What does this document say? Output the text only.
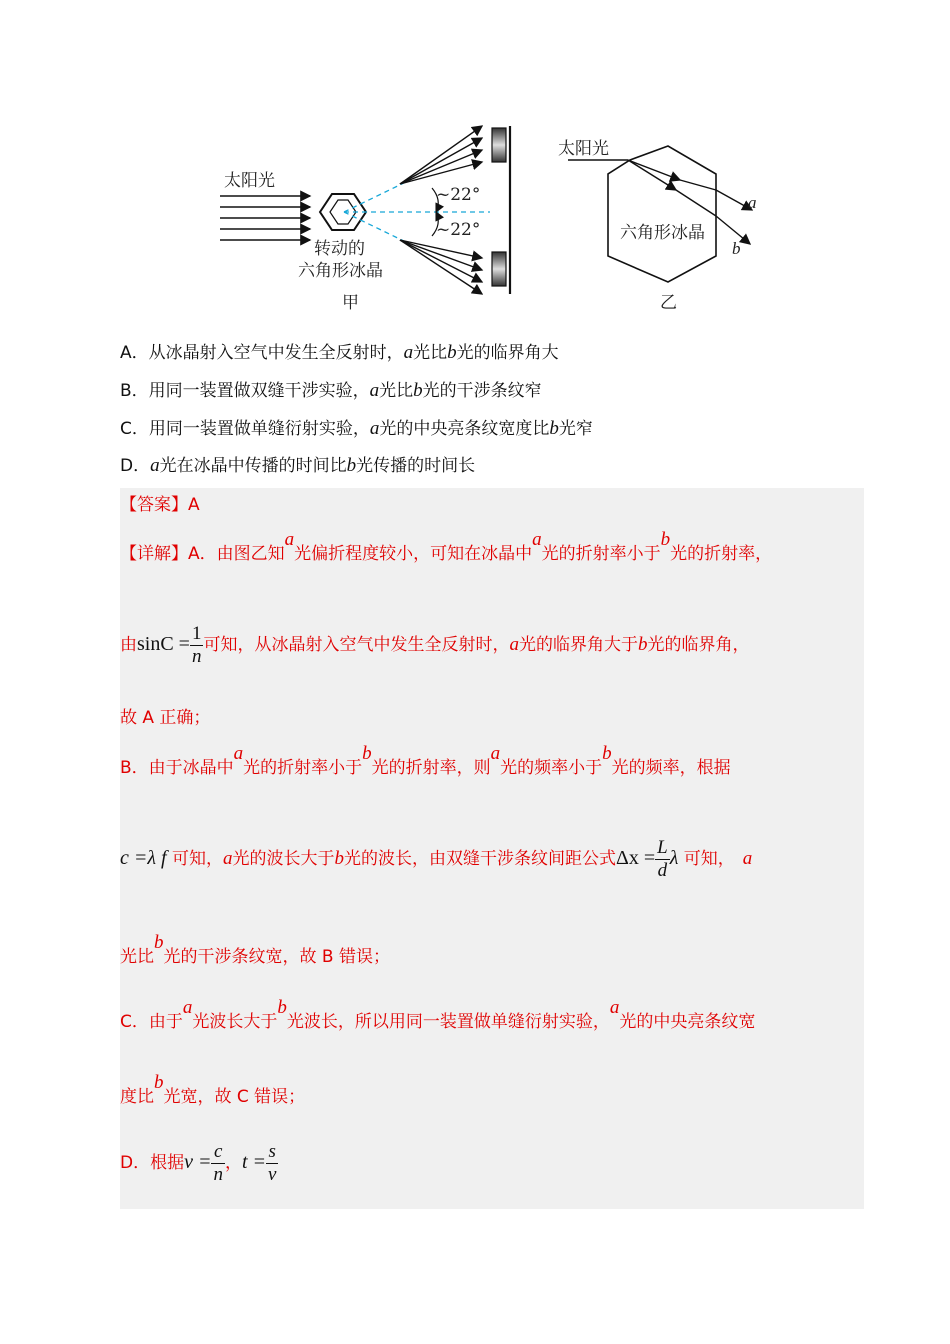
太阳光
~22°
~22°
转动的
六角形冰晶
甲
太阳光
a
b
六角形冰晶
乙
A．从冰晶射入空气中发生全反射时，a光比b光的临界角大
B．用同一装置做双缝干涉实验，a光比b光的干涉条纹窄
C．用同一装置做单缝衍射实验，a光的中央亮条纹宽度比b光窄
D．a光在冰晶中传播的时间比b光传播的时间长
【答案】A
【详解】A．由图乙知a光偏折程度较小，可知在冰晶中a光的折射率小于b光的折射率，
由$\sin C = \frac{1}{n}$ 可知，从冰晶射入空气中发生全反射时，a光的临界角大于b光的临界角，
故 A 正确；
B．由于冰晶中a光的折射率小于b光的折射率，则a光的频率小于b光的频率，根据
c =λ f 可知，a光的波长大于b光的波长，由双缝干涉条纹间距公式$\Delta x = \frac{L}{d}$ λ 可知， a
光比b光的干涉条纹宽，故 B 错误；
C．由于a光波长大于b光波长，所以用同一装置做单缝衍射实验，a光的中央亮条纹宽
度比b光宽，故 C 错误；
D．根据$v = \frac{c}{n}$ ，$t = \frac{s}{v}$
